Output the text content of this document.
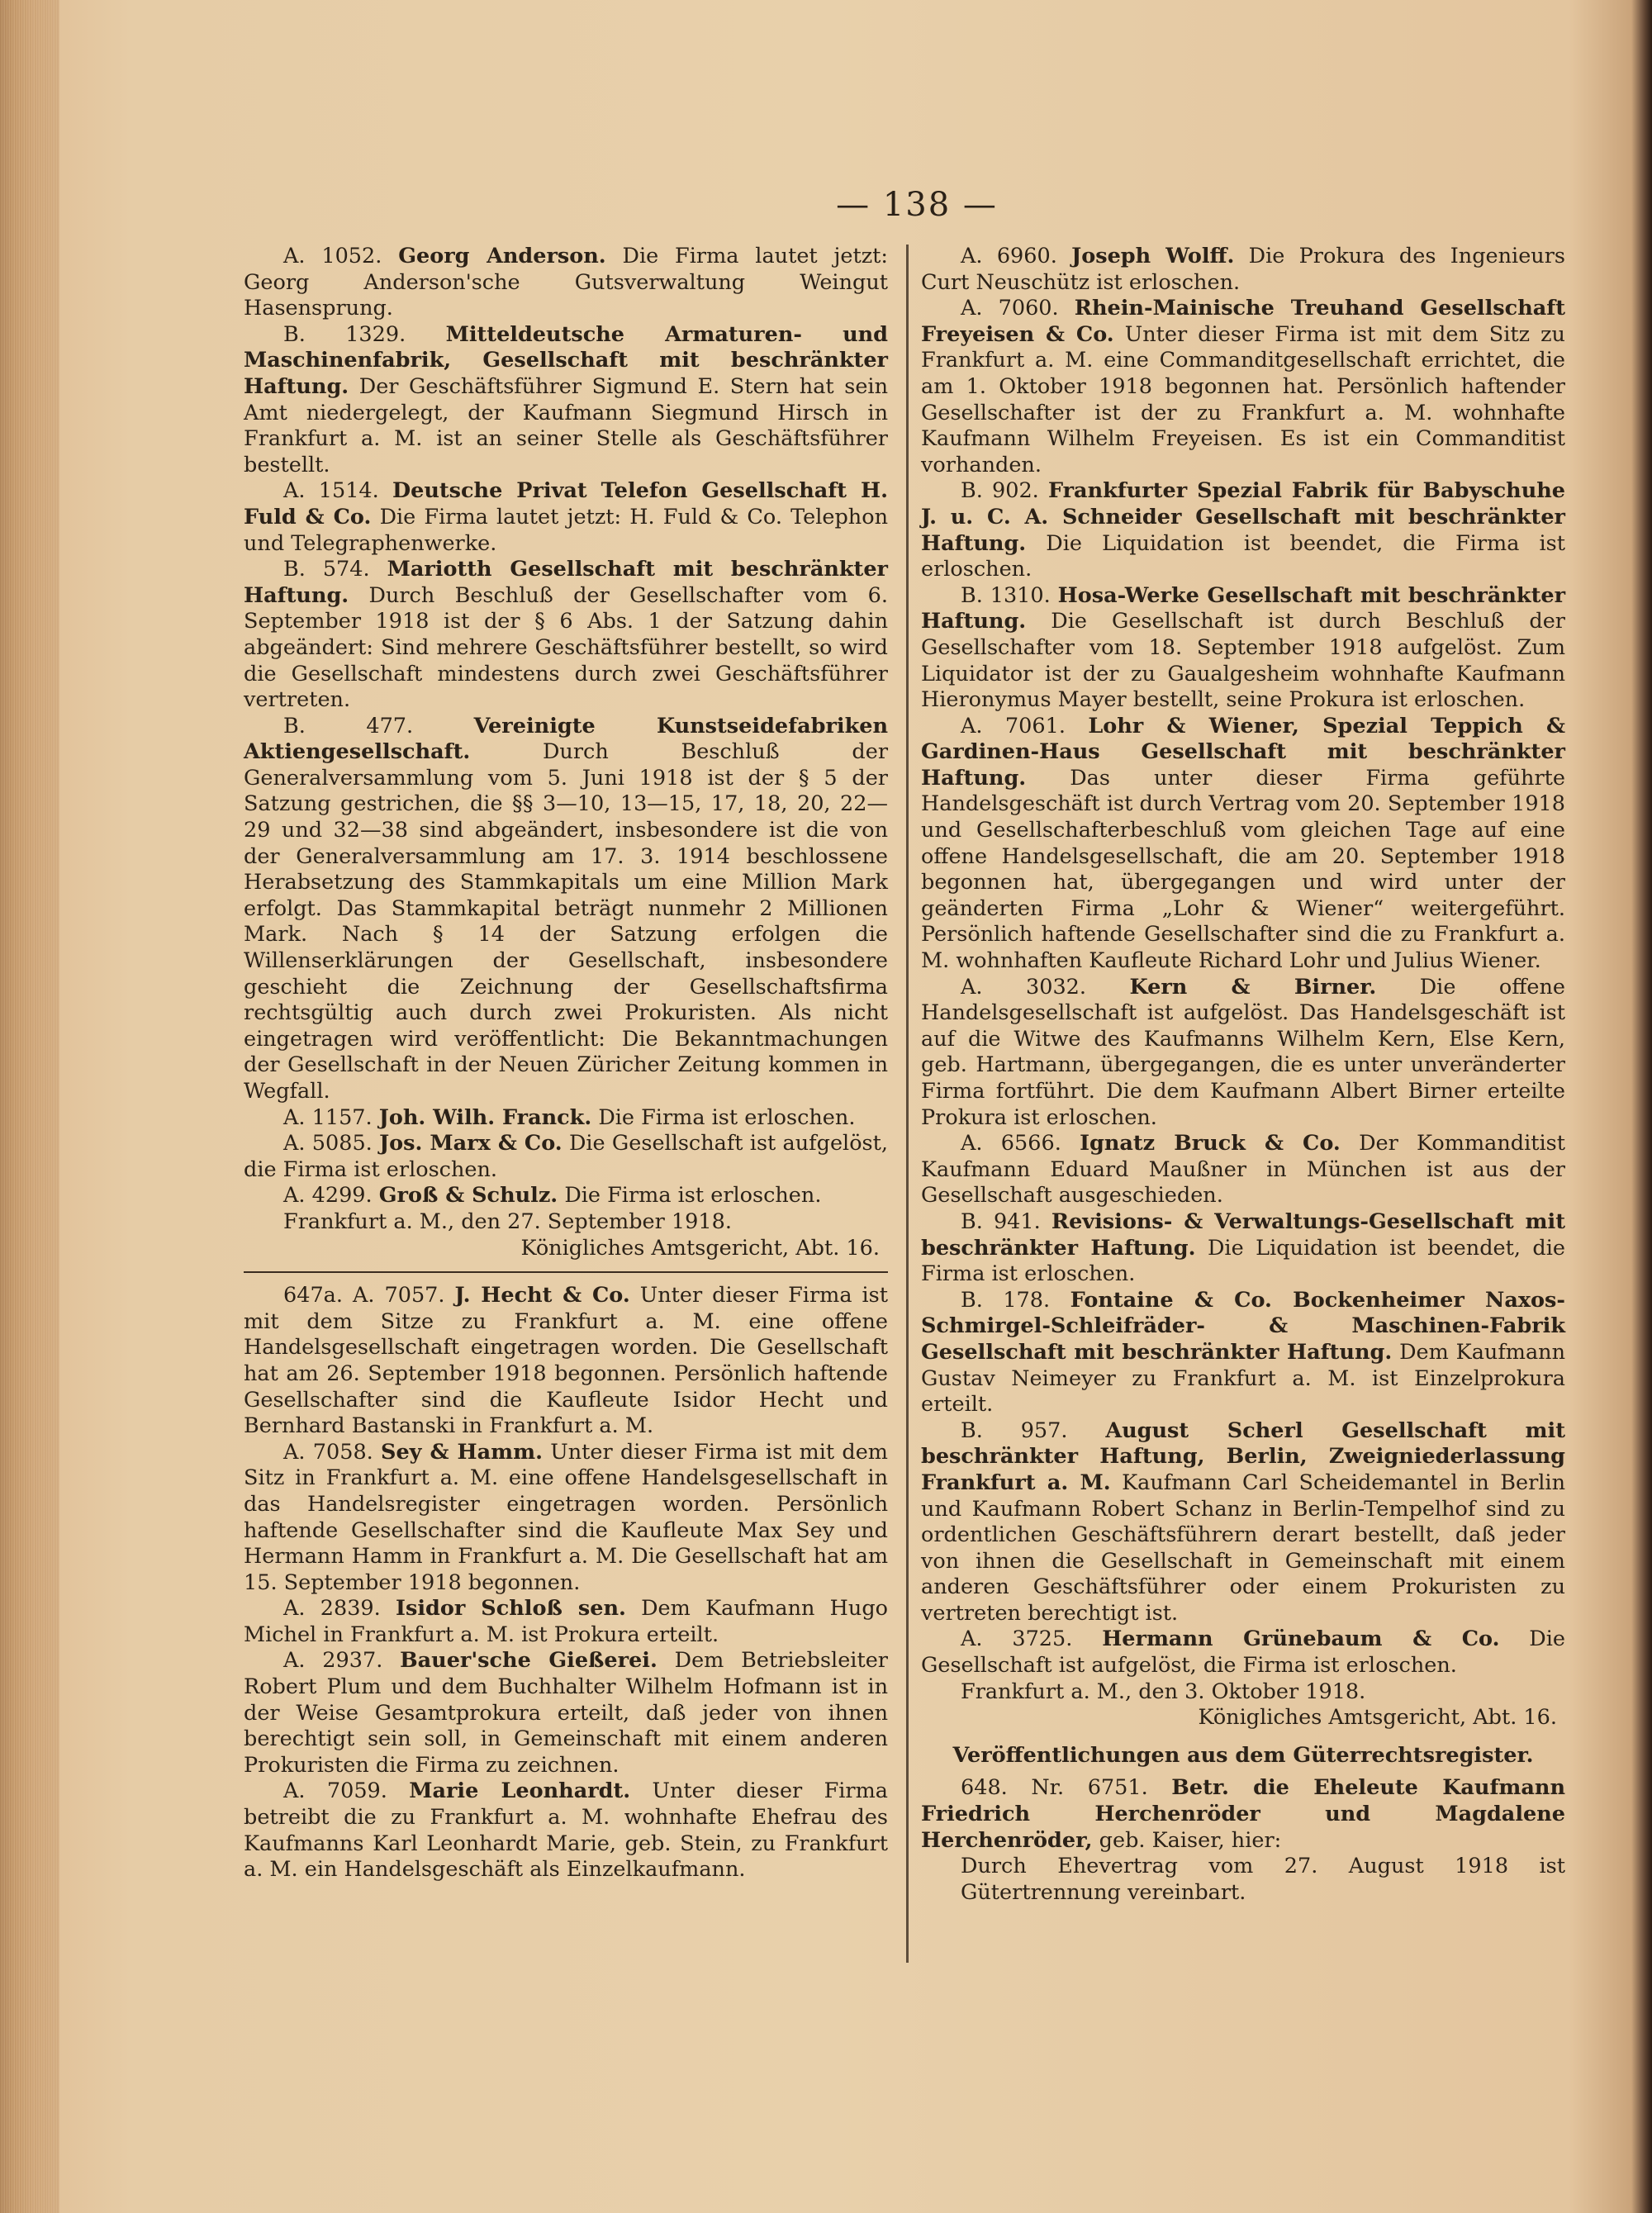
— 138 —

A. 1052. Georg Anderson. Die Firma lautet jetzt: Georg Anderson'sche Gutsverwaltung Weingut Hasensprung.

B. 1329. Mitteldeutsche Armaturen- und Maschinenfabrik, Gesellschaft mit beschränkter Haftung. Der Geschäftsführer Sigmund E. Stern hat sein Amt niedergelegt, der Kaufmann Siegmund Hirsch in Frankfurt a. M. ist an seiner Stelle als Geschäftsführer bestellt.

A. 1514. Deutsche Privat Telefon Gesellschaft H. Fuld & Co. Die Firma lautet jetzt: H. Fuld & Co. Telephon und Telegraphenwerke.

B. 574. Mariotth Gesellschaft mit beschränkter Haftung. Durch Beschluß der Gesellschafter vom 6. September 1918 ist der § 6 Abs. 1 der Satzung dahin abgeändert: Sind mehrere Geschäftsführer bestellt, so wird die Gesellschaft mindestens durch zwei Geschäftsführer vertreten.

B. 477.	Vereinigte Kunstseidefabriken Aktiengesellschaft.	Durch Beschluß der Generalversammlung vom 5. Juni 1918 ist der § 5 der Satzung gestrichen, die §§ 3—10, 13—15, 17, 18, 20, 22—29 und 32—38 sind abgeändert, insbesondere ist die von der Generalversammlung am 17. 3. 1914 beschlossene Herabsetzung des Stammkapitals um eine Million Mark erfolgt. Das Stammkapital beträgt nunmehr 2 Millionen Mark. Nach § 14 der Satzung erfolgen die Willenserklärungen der Gesellschaft, insbesondere geschieht die Zeichnung der Gesellschaftsfirma rechtsgültig auch durch zwei Prokuristen. Als nicht eingetragen wird veröffentlicht: Die Bekanntmachungen der Gesellschaft in der Neuen Züricher Zeitung kommen in Wegfall.

A. 1157. Joh. Wilh. Franck. Die Firma ist erloschen.

A. 5085. Jos. Marx & Co. Die Gesellschaft ist aufgelöst, die Firma ist erloschen.

A. 4299. Groß & Schulz. Die Firma ist erloschen.

Frankfurt a. M., den 27. September 1918.

Königliches Amtsgericht, Abt. 16.

647a. A. 7057. J. Hecht & Co. Unter dieser Firma ist mit dem Sitze zu Frankfurt a. M. eine offene Handelsgesellschaft eingetragen worden. Die Gesellschaft hat am 26. September 1918 begonnen. Persönlich haftende Gesellschafter sind die Kaufleute Isidor Hecht und Bernhard Bastanski in Frankfurt a. M.

A. 7058. Sey & Hamm. Unter dieser Firma ist mit dem Sitz in Frankfurt a. M. eine offene Handelsgesellschaft in das Handelsregister eingetragen worden. Persönlich haftende Gesellschafter sind die Kaufleute Max Sey und Hermann Hamm in Frankfurt a. M. Die Gesellschaft hat am 15. September 1918 begonnen.

A. 2839. Isidor Schloß sen. Dem Kaufmann Hugo Michel in Frankfurt a. M. ist Prokura erteilt.

A. 2937. Bauer'sche Gießerei. Dem Betriebsleiter Robert Plum und dem Buchhalter Wilhelm Hofmann ist in der Weise Gesamtprokura erteilt, daß jeder von ihnen berechtigt sein soll, in Gemeinschaft mit einem anderen Prokuristen die Firma zu zeichnen.

A. 7059. Marie Leonhardt. Unter dieser Firma betreibt die zu Frankfurt a. M. wohnhafte Ehefrau des Kaufmanns Karl Leonhardt Marie, geb. Stein, zu Frankfurt a. M. ein Handelsgeschäft als Einzelkaufmann.

A. 6960. Joseph Wolff. Die Prokura des Ingenieurs Curt Neuschütz ist erloschen.

A. 7060. Rhein-Mainische Treuhand Gesellschaft Freyeisen & Co. Unter dieser Firma ist mit dem Sitz zu Frankfurt a. M. eine Commanditgesellschaft errichtet, die am 1. Oktober 1918 begonnen hat. Persönlich haftender Gesellschafter ist der zu Frankfurt a. M. wohnhafte Kaufmann Wilhelm Freyeisen. Es ist ein Commanditist vorhanden.

B. 902. Frankfurter Spezial Fabrik für Babyschuhe J. u. C. A. Schneider Gesellschaft mit beschränkter Haftung. Die Liquidation ist beendet, die Firma ist erloschen.

B. 1310. Hosa-Werke Gesellschaft mit beschränkter Haftung. Die Gesellschaft ist durch Beschluß der Gesellschafter vom 18. September 1918 aufgelöst. Zum Liquidator ist der zu Gaualgesheim wohnhafte Kaufmann Hieronymus Mayer bestellt, seine Prokura ist erloschen.

A. 7061. Lohr & Wiener, Spezial Teppich & Gardinen-Haus Gesellschaft mit beschränkter Haftung. Das unter dieser Firma geführte Handelsgeschäft ist durch Vertrag vom 20. September 1918 und Gesellschafterbeschluß vom gleichen Tage auf eine offene Handelsgesellschaft, die am 20. September 1918 begonnen hat, übergegangen und wird unter der geänderten Firma „Lohr & Wiener“ weitergeführt. Persönlich haftende Gesellschafter sind die zu Frankfurt a. M. wohnhaften Kaufleute Richard Lohr und Julius Wiener.

A. 3032. Kern & Birner. Die offene Handelsgesellschaft ist aufgelöst. Das Handelsgeschäft ist auf die Witwe des Kaufmanns Wilhelm Kern, Else Kern, geb. Hartmann, übergegangen, die es unter unveränderter Firma fortführt. Die dem Kaufmann Albert Birner erteilte Prokura ist erloschen.

A. 6566. Ignatz Bruck & Co. Der Kommanditist Kaufmann Eduard Maußner in München ist aus der Gesellschaft ausgeschieden.

B. 941. Revisions- & Verwaltungs-Gesellschaft mit beschränkter Haftung. Die Liquidation ist beendet, die Firma ist erloschen.

B. 178. Fontaine & Co. Bockenheimer Naxos-Schmirgel-Schleifräder- & Maschinen-Fabrik Gesellschaft mit beschränkter Haftung. Dem Kaufmann Gustav Neimeyer zu Frankfurt a. M. ist Einzelprokura erteilt.

B. 957. August Scherl Gesellschaft mit beschränkter Haftung, Berlin, Zweigniederlassung Frankfurt a. M. Kaufmann Carl Scheidemantel in Berlin und Kaufmann Robert Schanz in Berlin-Tempelhof sind zu ordentlichen Geschäftsführern derart bestellt, daß jeder von ihnen die Gesellschaft in Gemeinschaft mit einem anderen Geschäftsführer oder einem Prokuristen zu vertreten berechtigt ist.

A. 3725. Hermann Grünebaum & Co. Die Gesellschaft ist aufgelöst, die Firma ist erloschen.

Frankfurt a. M., den 3. Oktober 1918.

Königliches Amtsgericht, Abt. 16.

Veröffentlichungen aus dem Güterrechtsregister.

648. Nr. 6751. Betr. die Eheleute Kaufmann Friedrich Herchenröder und Magdalene Herchenröder, geb. Kaiser, hier:

Durch Ehevertrag vom 27. August 1918 ist Gütertrennung vereinbart.
